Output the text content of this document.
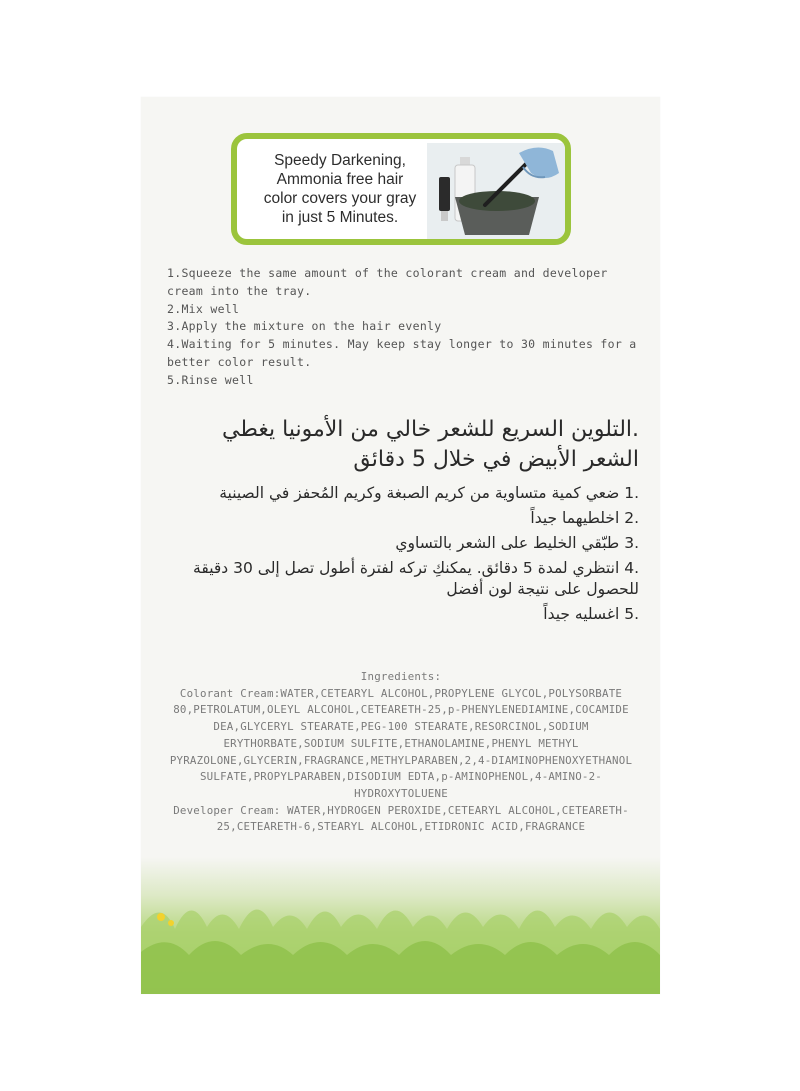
Speedy Darkening,
Ammonia free hair
color covers your gray
in just 5 Minutes.

1.Squeeze the same amount of the colorant cream and developer cream into the tray.

2.Mix well

3.Apply the mixture on the hair evenly

4.Waiting for 5 minutes. May keep stay longer to 30 minutes for a better color result.

5.Rinse well

.التلوين السريع للشعر خالي من الأمونيا يغطي
الشعر الأبيض في خلال 5 دقائق

.1 ضعي كمية متساوية من كريم الصبغة وكريم المُحفز في الصينية

.2 اخلطيهما جيداً

.3 طبّقي الخليط على الشعر بالتساوي

.4 انتظري لمدة 5 دقائق. يمكنكِ تركه لفترة أطول تصل إلى 30 دقيقة للحصول على نتيجة لون أفضل

.5 اغسليه جيداً

Ingredients:

Colorant Cream:WATER,CETEARYL ALCOHOL,PROPYLENE GLYCOL,POLYSORBATE 80,PETROLATUM,OLEYL ALCOHOL,CETEARETH-25,p-PHENYLENEDIAMINE,COCAMIDE DEA,GLYCERYL STEARATE,PEG-100 STEARATE,RESORCINOL,SODIUM ERYTHORBATE,SODIUM SULFITE,ETHANOLAMINE,PHENYL METHYL PYRAZOLONE,GLYCERIN,FRAGRANCE,METHYLPARABEN,2,4-DIAMINOPHENOXYETHANOL SULFATE,PROPYLPARABEN,DISODIUM EDTA,p-AMINOPHENOL,4-AMINO-2-HYDROXYTOLUENE

Developer Cream: WATER,HYDROGEN PEROXIDE,CETEARYL ALCOHOL,CETEARETH-25,CETEARETH-6,STEARYL ALCOHOL,ETIDRONIC ACID,FRAGRANCE
